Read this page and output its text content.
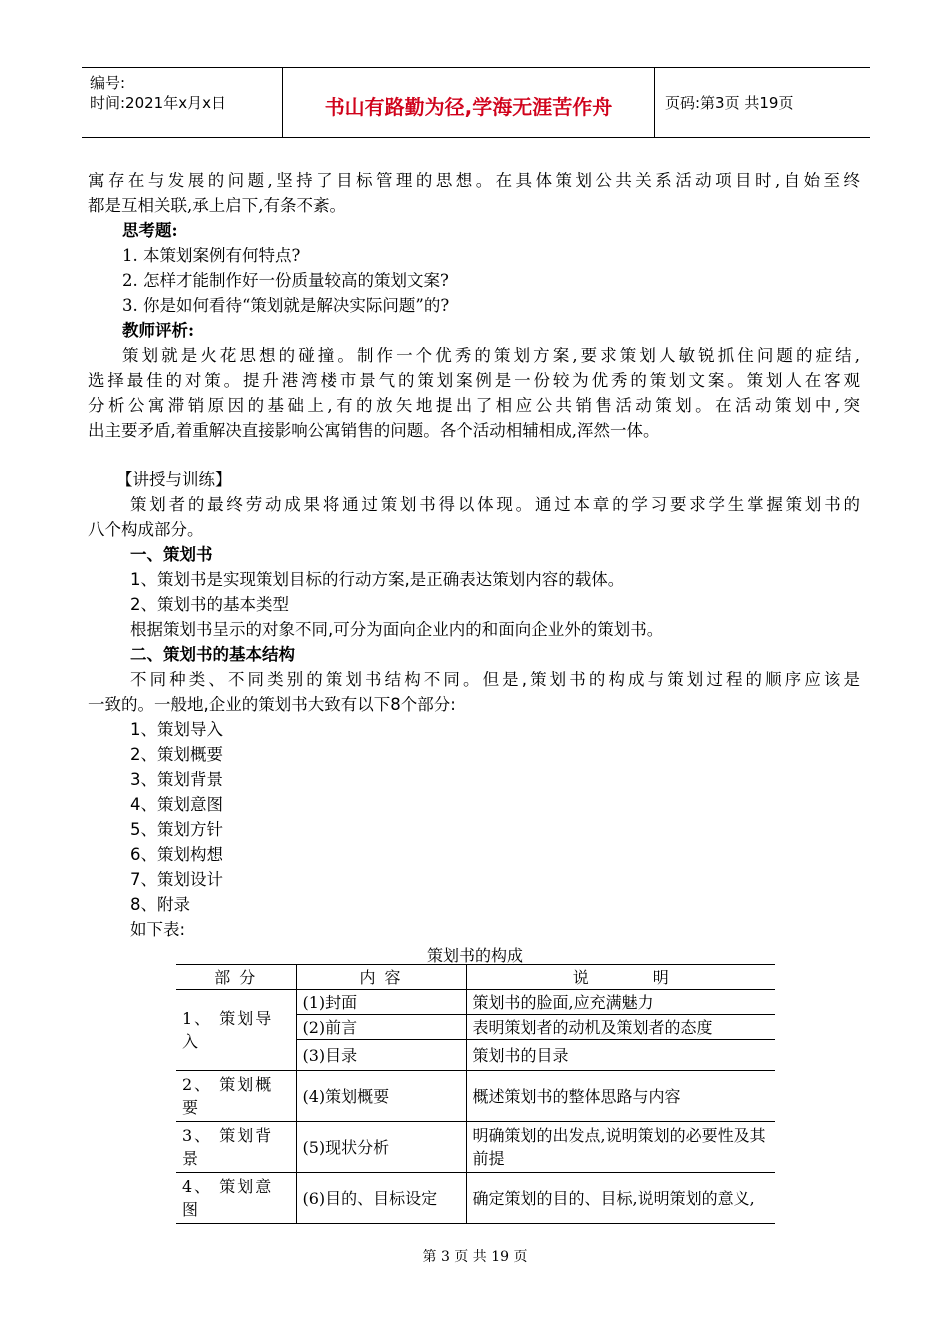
编号:
时间:2021年x月x日	书山有路勤为径,学海无涯苦作舟	页码:第3页 共19页
寓存在与发展的问题,坚持了目标管理的思想。在具体策划公共关系活动项目时,自始至终
都是互相关联,承上启下,有条不紊。
思考题:
1. 本策划案例有何特点?
2. 怎样才能制作好一份质量较高的策划文案?
3. 你是如何看待“策划就是解决实际问题”的?
教师评析:
策划就是火花思想的碰撞。制作一个优秀的策划方案,要求策划人敏锐抓住问题的症结,
选择最佳的对策。提升港湾楼市景气的策划案例是一份较为优秀的策划文案。策划人在客观
分析公寓滞销原因的基础上,有的放矢地提出了相应公共销售活动策划。在活动策划中,突
出主要矛盾,着重解决直接影响公寓销售的问题。各个活动相辅相成,浑然一体。
【讲授与训练】
策划者的最终劳动成果将通过策划书得以体现。通过本章的学习要求学生掌握策划书的
八个构成部分。
一、策划书
1、策划书是实现策划目标的行动方案,是正确表达策划内容的载体。
2、策划书的基本类型
根据策划书呈示的对象不同,可分为面向企业内的和面向企业外的策划书。
二、策划书的基本结构
不同种类、不同类别的策划书结构不同。但是,策划书的构成与策划过程的顺序应该是
一致的。一般地,企业的策划书大致有以下8个部分:
1、策划导入
2、策划概要
3、策划背景
4、策划意图
5、策划方针
6、策划构想
7、策划设计
8、附录
如下表:
策划书的构成
部 分	内 容	说　　　　明
1、 策划导入	(1)封面	策划书的脸面,应充满魅力
	(2)前言	表明策划者的动机及策划者的态度
	(3)目录	策划书的目录
2、 策划概要	(4)策划概要	概述策划书的整体思路与内容
3、 策划背景	(5)现状分析	明确策划的出发点,说明策划的必要性及其前提
4、 策划意图	(6)目的、目标设定	确定策划的目的、目标,说明策划的意义,
第 3 页 共 19 页
